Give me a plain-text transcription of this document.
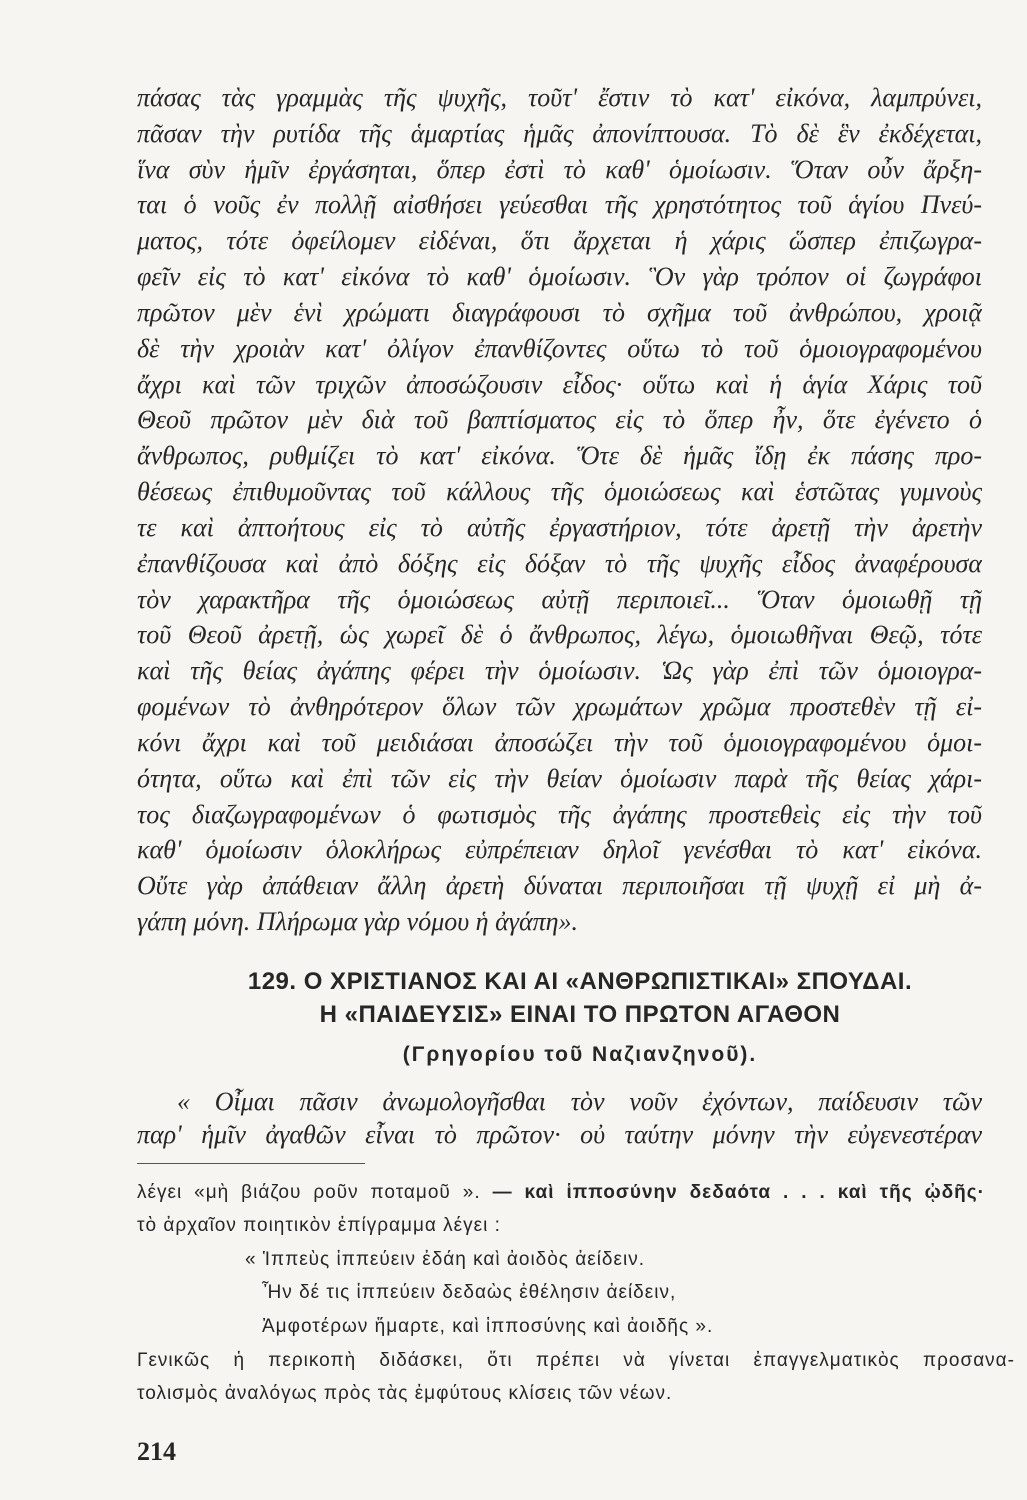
πάσας τὰς γραμμὰς τῆς ψυχῆς, τοῦτ' ἔστιν τὸ κατ' εἰκόνα, λαμπρύνει,
πᾶσαν τὴν ρυτίδα τῆς ἁμαρτίας ἡμᾶς ἀπονίπτουσα. Τὸ δὲ ἓν ἐκδέχεται,
ἵνα σὺν ἡμῖν ἐργάσηται, ὅπερ ἐστὶ τὸ καθ' ὁμοίωσιν. Ὅταν οὖν ἄρξη-
ται ὁ νοῦς ἐν πολλῇ αἰσθήσει γεύεσθαι τῆς χρηστότητος τοῦ ἁγίου Πνεύ-
ματος, τότε ὀφείλομεν εἰδέναι, ὅτι ἄρχεται ἡ χάρις ὥσπερ ἐπιζωγρα-
φεῖν εἰς τὸ κατ' εἰκόνα τὸ καθ' ὁμοίωσιν. Ὃν γὰρ τρόπον οἱ ζωγράφοι
πρῶτον μὲν ἑνὶ χρώματι διαγράφουσι τὸ σχῆμα τοῦ ἀνθρώπου, χροιᾷ
δὲ τὴν χροιὰν κατ' ὀλίγον ἐπανθίζοντες οὕτω τὸ τοῦ ὁμοιογραφομένου
ἄχρι καὶ τῶν τριχῶν ἀποσώζουσιν εἶδος· οὕτω καὶ ἡ ἁγία Χάρις τοῦ
Θεοῦ πρῶτον μὲν διὰ τοῦ βαπτίσματος εἰς τὸ ὅπερ ἦν, ὅτε ἐγένετο ὁ
ἄνθρωπος, ρυθμίζει τὸ κατ' εἰκόνα. Ὅτε δὲ ἡμᾶς ἴδῃ ἐκ πάσης προ-
θέσεως ἐπιθυμοῦντας τοῦ κάλλους τῆς ὁμοιώσεως καὶ ἑστῶτας γυμνοὺς
τε καὶ ἀπτοήτους εἰς τὸ αὐτῆς ἐργαστήριον, τότε ἀρετῇ τὴν ἀρετὴν
ἐπανθίζουσα καὶ ἀπὸ δόξης εἰς δόξαν τὸ τῆς ψυχῆς εἶδος ἀναφέρουσα
τὸν χαρακτῆρα τῆς ὁμοιώσεως αὐτῇ περιποιεῖ... Ὅταν ὁμοιωθῇ τῇ
τοῦ Θεοῦ ἀρετῇ, ὡς χωρεῖ δὲ ὁ ἄνθρωπος, λέγω, ὁμοιωθῆναι Θεῷ, τότε
καὶ τῆς θείας ἀγάπης φέρει τὴν ὁμοίωσιν. Ὡς γὰρ ἐπὶ τῶν ὁμοιογρα-
φομένων τὸ ἀνθηρότερον ὅλων τῶν χρωμάτων χρῶμα προστεθὲν τῇ εἰ-
κόνι ἄχρι καὶ τοῦ μειδιάσαι ἀποσώζει τὴν τοῦ ὁμοιογραφομένου ὁμοι-
ότητα, οὕτω καὶ ἐπὶ τῶν εἰς τὴν θείαν ὁμοίωσιν παρὰ τῆς θείας χάρι-
τος διαζωγραφομένων ὁ φωτισμὸς τῆς ἀγάπης προστεθεὶς εἰς τὴν τοῦ
καθ' ὁμοίωσιν ὁλοκλήρως εὐπρέπειαν δηλοῖ γενέσθαι τὸ κατ' εἰκόνα.
Οὔτε γὰρ ἀπάθειαν ἄλλη ἀρετὴ δύναται περιποιῆσαι τῇ ψυχῇ εἰ μὴ ἀ-
γάπη μόνη. Πλήρωμα γὰρ νόμου ἡ ἀγάπη».
129. Ο ΧΡΙΣΤΙΑΝΟΣ ΚΑΙ ΑΙ «ΑΝΘΡΩΠΙΣΤΙΚΑΙ» ΣΠΟΥΔΑΙ.
Η «ΠΑΙΔΕΥΣΙΣ» ΕΙΝΑΙ ΤΟ ΠΡΩΤΟΝ ΑΓΑΘΟΝ
(Γρηγορίου τοῦ Ναζιανζηνοῦ).
« Οἶμαι πᾶσιν ἀνωμολογῆσθαι τὸν νοῦν ἐχόντων, παίδευσιν τῶν
παρ' ἡμῖν ἀγαθῶν εἶναι τὸ πρῶτον· οὐ ταύτην μόνην τὴν εὐγενεστέραν
λέγει «μὴ βιάζου ροῦν ποταμοῦ ». — καὶ ἱπποσύνην δεδαότα . . . καὶ τῆς ᾠδῆς·
τὸ ἀρχαῖον ποιητικὸν ἐπίγραμμα λέγει :
« Ἱππεὺς ἱππεύειν ἐδάη καὶ ἀοιδὸς ἀείδειν.
Ἦν δέ τις ἱππεύειν δεδαὼς ἐθέλησιν ἀείδειν,
Ἀμφοτέρων ἥμαρτε, καὶ ἱπποσύνης καὶ ἀοιδῆς ».
Γενικῶς ἡ περικοπὴ διδάσκει, ὅτι πρέπει νὰ γίνεται ἐπαγγελματικὸς προσανα-
τολισμὸς ἀναλόγως πρὸς τὰς ἐμφύτους κλίσεις τῶν νέων.
214
